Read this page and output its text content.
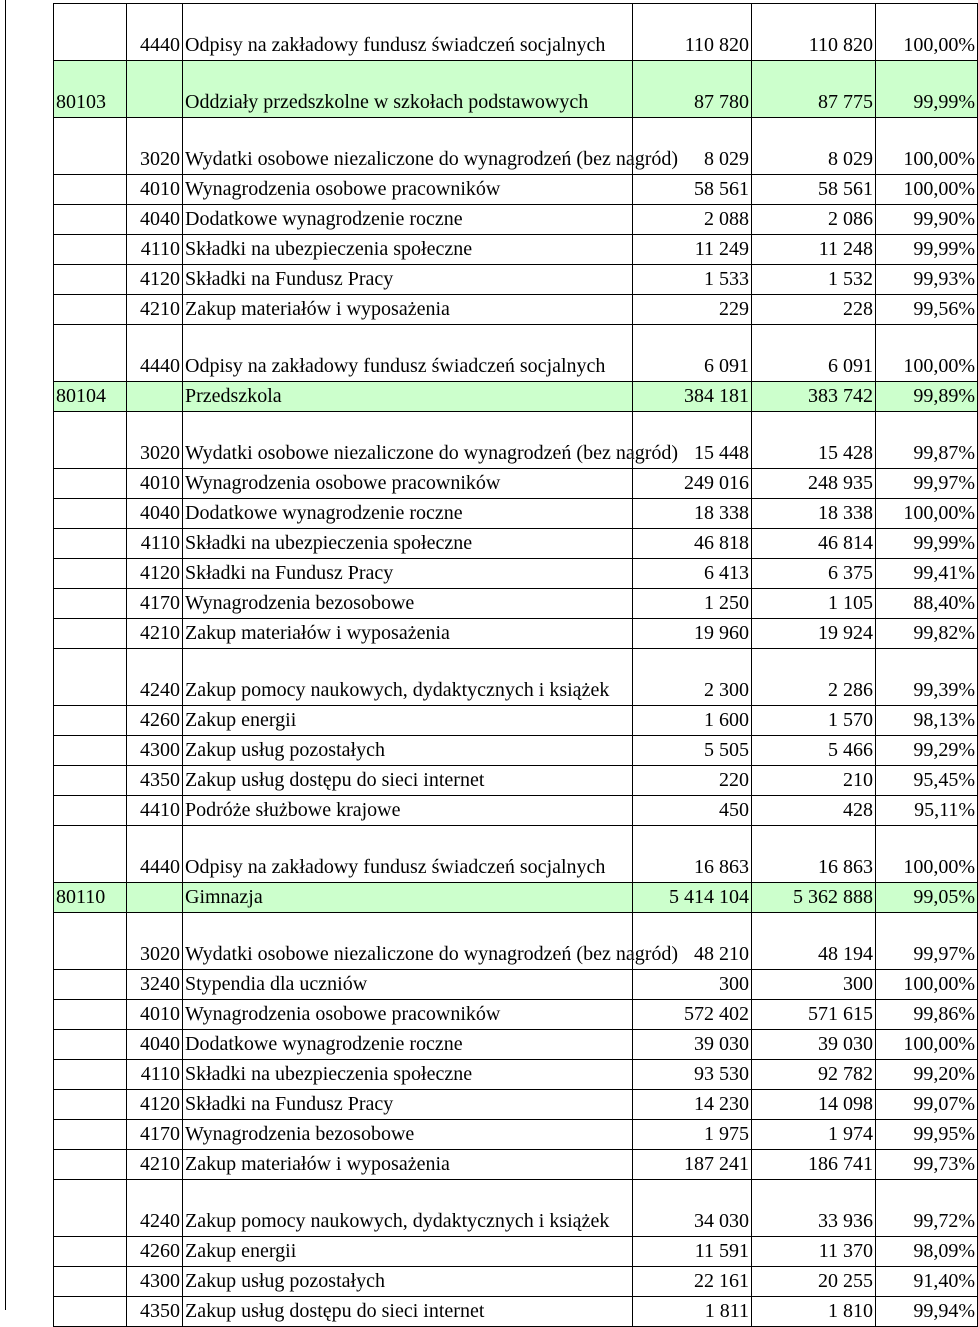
	4440	Odpisy na zakładowy fundusz świadczeń socjalnych	110 820	110 820	100,00%
80103		Oddziały przedszkolne w szkołach podstawowych	87 780	87 775	99,99%
	3020	Wydatki osobowe niezaliczone do wynagrodzeń (bez nagród)	8 029	8 029	100,00%
	4010	Wynagrodzenia osobowe pracowników	58 561	58 561	100,00%
	4040	Dodatkowe wynagrodzenie roczne	2 088	2 086	99,90%
	4110	Składki na ubezpieczenia społeczne	11 249	11 248	99,99%
	4120	Składki na Fundusz Pracy	1 533	1 532	99,93%
	4210	Zakup materiałów i wyposażenia	229	228	99,56%
	4440	Odpisy na zakładowy fundusz świadczeń socjalnych	6 091	6 091	100,00%
80104		Przedszkola	384 181	383 742	99,89%
	3020	Wydatki osobowe niezaliczone do wynagrodzeń (bez nagród)	15 448	15 428	99,87%
	4010	Wynagrodzenia osobowe pracowników	249 016	248 935	99,97%
	4040	Dodatkowe wynagrodzenie roczne	18 338	18 338	100,00%
	4110	Składki na ubezpieczenia społeczne	46 818	46 814	99,99%
	4120	Składki na Fundusz Pracy	6 413	6 375	99,41%
	4170	Wynagrodzenia bezosobowe	1 250	1 105	88,40%
	4210	Zakup materiałów i wyposażenia	19 960	19 924	99,82%
	4240	Zakup pomocy naukowych, dydaktycznych i książek	2 300	2 286	99,39%
	4260	Zakup energii	1 600	1 570	98,13%
	4300	Zakup usług pozostałych	5 505	5 466	99,29%
	4350	Zakup usług dostępu do sieci internet	220	210	95,45%
	4410	Podróże służbowe krajowe	450	428	95,11%
	4440	Odpisy na zakładowy fundusz świadczeń socjalnych	16 863	16 863	100,00%
80110		Gimnazja	5 414 104	5 362 888	99,05%
	3020	Wydatki osobowe niezaliczone do wynagrodzeń (bez nagród)	48 210	48 194	99,97%
	3240	Stypendia dla uczniów	300	300	100,00%
	4010	Wynagrodzenia osobowe pracowników	572 402	571 615	99,86%
	4040	Dodatkowe wynagrodzenie roczne	39 030	39 030	100,00%
	4110	Składki na ubezpieczenia społeczne	93 530	92 782	99,20%
	4120	Składki na Fundusz Pracy	14 230	14 098	99,07%
	4170	Wynagrodzenia bezosobowe	1 975	1 974	99,95%
	4210	Zakup materiałów i wyposażenia	187 241	186 741	99,73%
	4240	Zakup pomocy naukowych, dydaktycznych i książek	34 030	33 936	99,72%
	4260	Zakup energii	11 591	11 370	98,09%
	4300	Zakup usług pozostałych	22 161	20 255	91,40%
	4350	Zakup usług dostępu do sieci internet	1 811	1 810	99,94%
